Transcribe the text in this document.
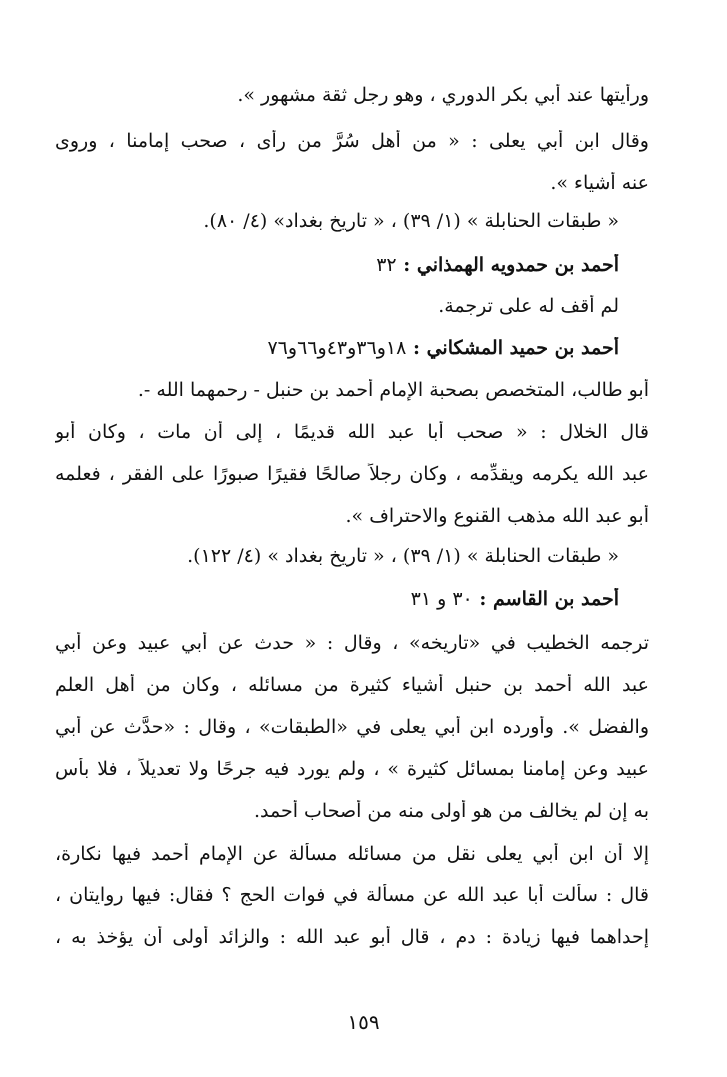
ورأيتها عند أبي بكر الدوري ، وهو رجل ثقة مشهور ».
وقال ابن أبي يعلى : « من أهل سُرَّ من رأى ، صحب إمامنا ، وروى
عنه أشياء ».
« طبقات الحنابلة » (١/ ٣٩) ، « تاريخ بغداد» (٤/ ٨٠).
أحمد بن حمدويه الهمذاني : ٣٢
لم أقف له على ترجمة.
أحمد بن حميد المشكاني : ١٨و٣٦و٤٣و٦٦و٧٦
أبو طالب، المتخصص بصحبة الإمام أحمد بن حنبل - رحمهما الله -.
قال الخلال : « صحب أبا عبد الله قديمًا ، إلى أن مات ، وكان أبو
عبد الله يكرمه ويقدِّمه ، وكان رجلاً صالحًا فقيرًا صبورًا على الفقر ، فعلمه
أبو عبد الله مذهب القنوع والاحتراف ».
« طبقات الحنابلة » (١/ ٣٩) ، « تاريخ بغداد » (٤/ ١٢٢).
أحمد بن القاسم : ٣٠ و ٣١
ترجمه الخطيب في «تاريخه» ، وقال : « حدث عن أبي عبيد وعن أبي
عبد الله أحمد بن حنبل أشياء كثيرة من مسائله ، وكان من أهل العلم
والفضل ». وأورده ابن أبي يعلى في «الطبقات» ، وقال : «حدَّث عن أبي
عبيد وعن إمامنا بمسائل كثيرة » ، ولم يورد فيه جرحًا ولا تعديلاً ، فلا بأس
به إن لم يخالف من هو أولى منه من أصحاب أحمد.
إلا أن ابن أبي يعلى نقل من مسائله مسألة عن الإمام أحمد فيها نكارة،
قال : سألت أبا عبد الله عن مسألة في فوات الحج ؟ فقال: فيها روايتان ،
إحداهما فيها زيادة : دم ، قال أبو عبد الله : والزائد أولى أن يؤخذ به ،
١٥٩
